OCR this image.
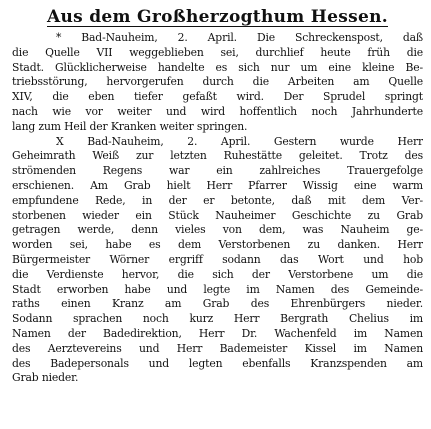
Aus dem Großherzogthum Hessen.
* Bad-Nauheim, 2. April. Die Schreckenspost, daß
die Quelle VII weggeblieben sei, durchlief heute früh die
Stadt. Glücklicherweise handelte es sich nur um eine kleine Be-
triebsstörung, hervorgerufen durch die Arbeiten am Quelle
XIV, die eben tiefer gefaßt wird. Der Sprudel springt
nach wie vor weiter und wird hoffentlich noch Jahrhunderte
lang zum Heil der Kranken weiter springen.
X Bad-Nauheim, 2. April. Gestern wurde Herr
Geheimrath Weiß zur letzten Ruhestätte geleitet. Trotz des
strömenden Regens war ein zahlreiches Trauergefolge
erschienen. Am Grab hielt Herr Pfarrer Wissig eine warm
empfundene Rede, in der er betonte, daß mit dem Ver-
storbenen wieder ein Stück Nauheimer Geschichte zu Grab
getragen werde, denn vieles von dem, was Nauheim ge-
worden sei, habe es dem Verstorbenen zu danken. Herr
Bürgermeister Wörner ergriff sodann das Wort und hob
die Verdienste hervor, die sich der Verstorbene um die
Stadt erworben habe und legte im Namen des Gemeinde-
raths einen Kranz am Grab des Ehrenbürgers nieder.
Sodann sprachen noch kurz Herr Bergrath Chelius im
Namen der Badedirektion, Herr Dr. Wachenfeld im Namen
des Aerztevereins und Herr Bademeister Kissel im Namen
des Badepersonals und legten ebenfalls Kranzspenden am
Grab nieder.
